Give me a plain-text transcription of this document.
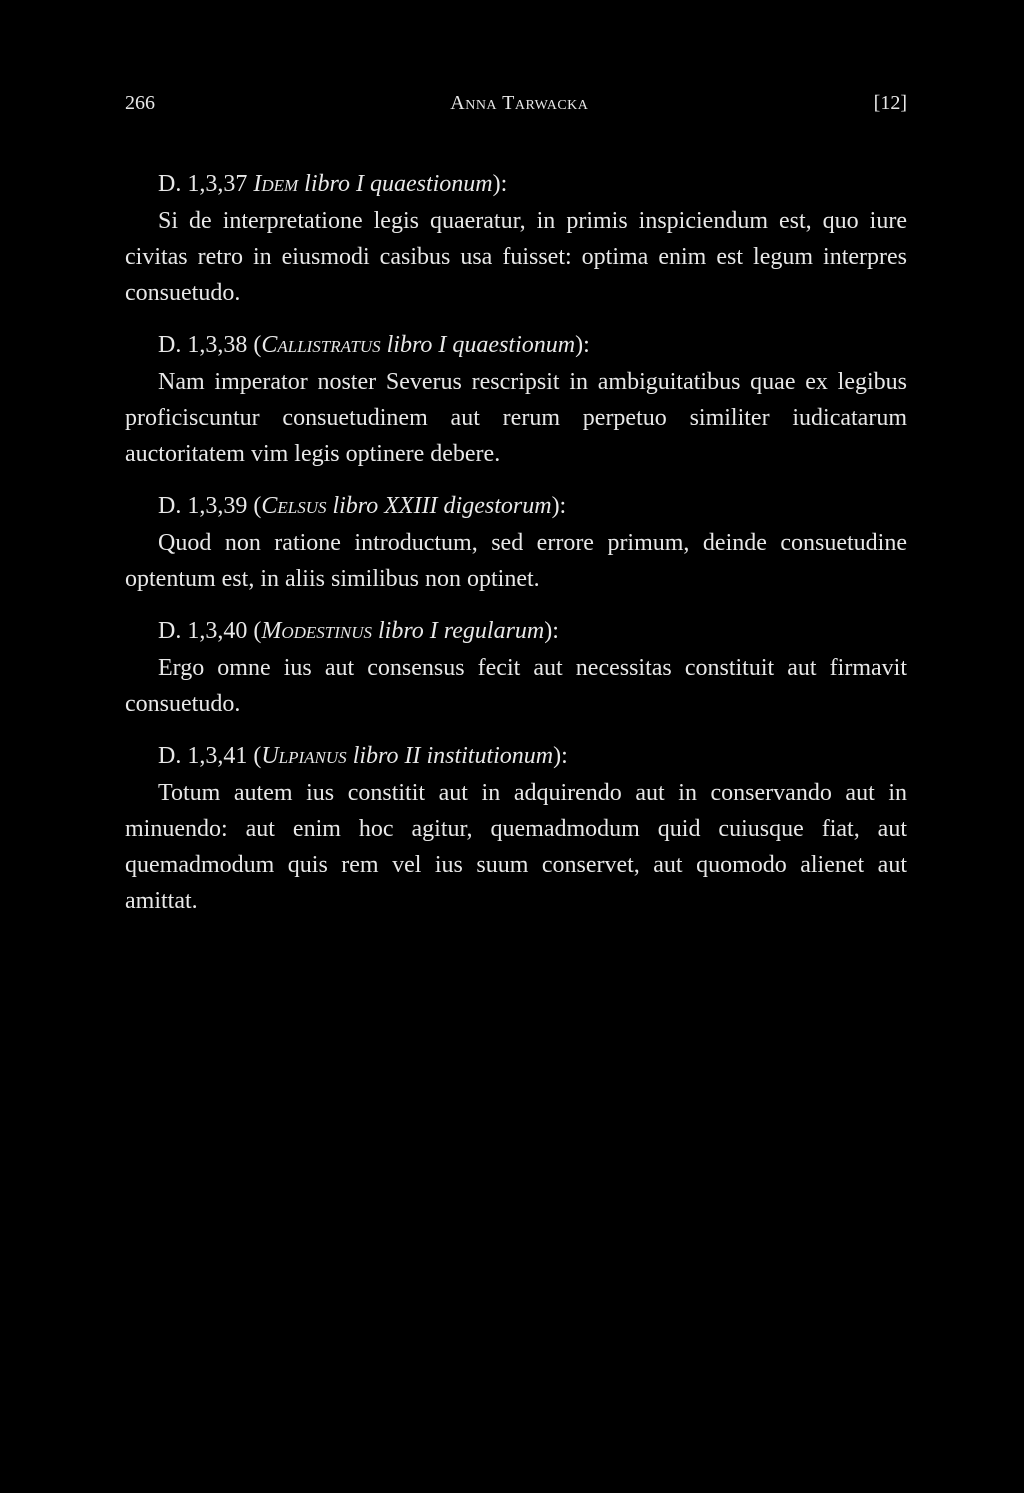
266	Anna Tarwacka	[12]
D. 1,3,37 Idem libro I quaestionum):
Si de interpretatione legis quaeratur, in primis inspiciendum est, quo iure civitas retro in eiusmodi casibus usa fuisset: optima enim est legum interpres consuetudo.
D. 1,3,38 (Callistratus libro I quaestionum):
Nam imperator noster Severus rescripsit in ambiguitatibus quae ex legibus proficiscuntur consuetudinem aut rerum perpetuo similiter iudicatarum auctoritatem vim legis optinere debere.
D. 1,3,39 (Celsus libro XXIII digestorum):
Quod non ratione introductum, sed errore primum, deinde consuetudine optentum est, in aliis similibus non optinet.
D. 1,3,40 (Modestinus libro I regularum):
Ergo omne ius aut consensus fecit aut necessitas constituit aut firmavit consuetudo.
D. 1,3,41 (Ulpianus libro II institutionum):
Totum autem ius constitit aut in adquirendo aut in conservando aut in minuendo: aut enim hoc agitur, quemadmodum quid cuiusque fiat, aut quemadmodum quis rem vel ius suum conservet, aut quomodo alienet aut amittat.
